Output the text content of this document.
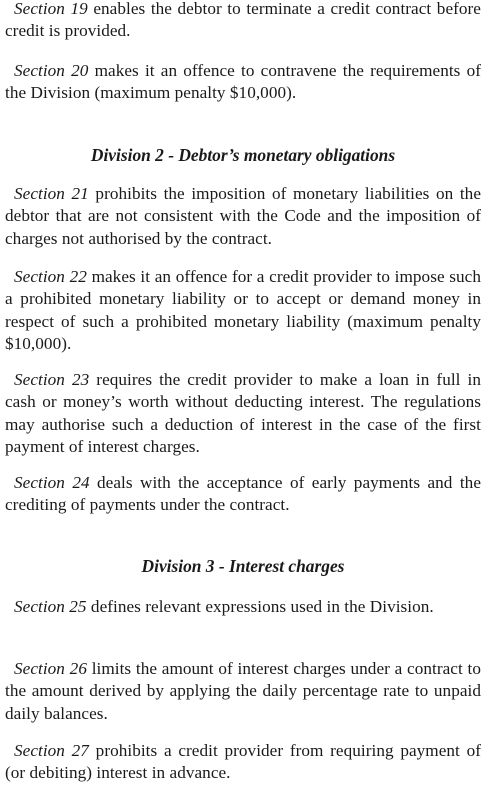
Section 19 enables the debtor to terminate a credit contract before credit is provided.

Section 20 makes it an offence to contravene the requirements of the Division (maximum penalty $10,000).

Division 2 - Debtor’s monetary obligations

Section 21 prohibits the imposition of monetary liabilities on the debtor that are not consistent with the Code and the imposition of charges not authorised by the contract.

Section 22 makes it an offence for a credit provider to impose such a prohibited monetary liability or to accept or demand money in respect of such a prohibited monetary liability (maximum penalty $10,000).

Section 23 requires the credit provider to make a loan in full in cash or money’s worth without deducting interest. The regulations may authorise such a deduction of interest in the case of the first payment of interest charges.

Section 24 deals with the acceptance of early payments and the crediting of payments under the contract.

Division 3 - Interest charges

Section 25 defines relevant expressions used in the Division.

Section 26 limits the amount of interest charges under a contract to the amount derived by applying the daily percentage rate to unpaid daily balances.

Section 27 prohibits a credit provider from requiring payment of (or debiting) interest in advance.
